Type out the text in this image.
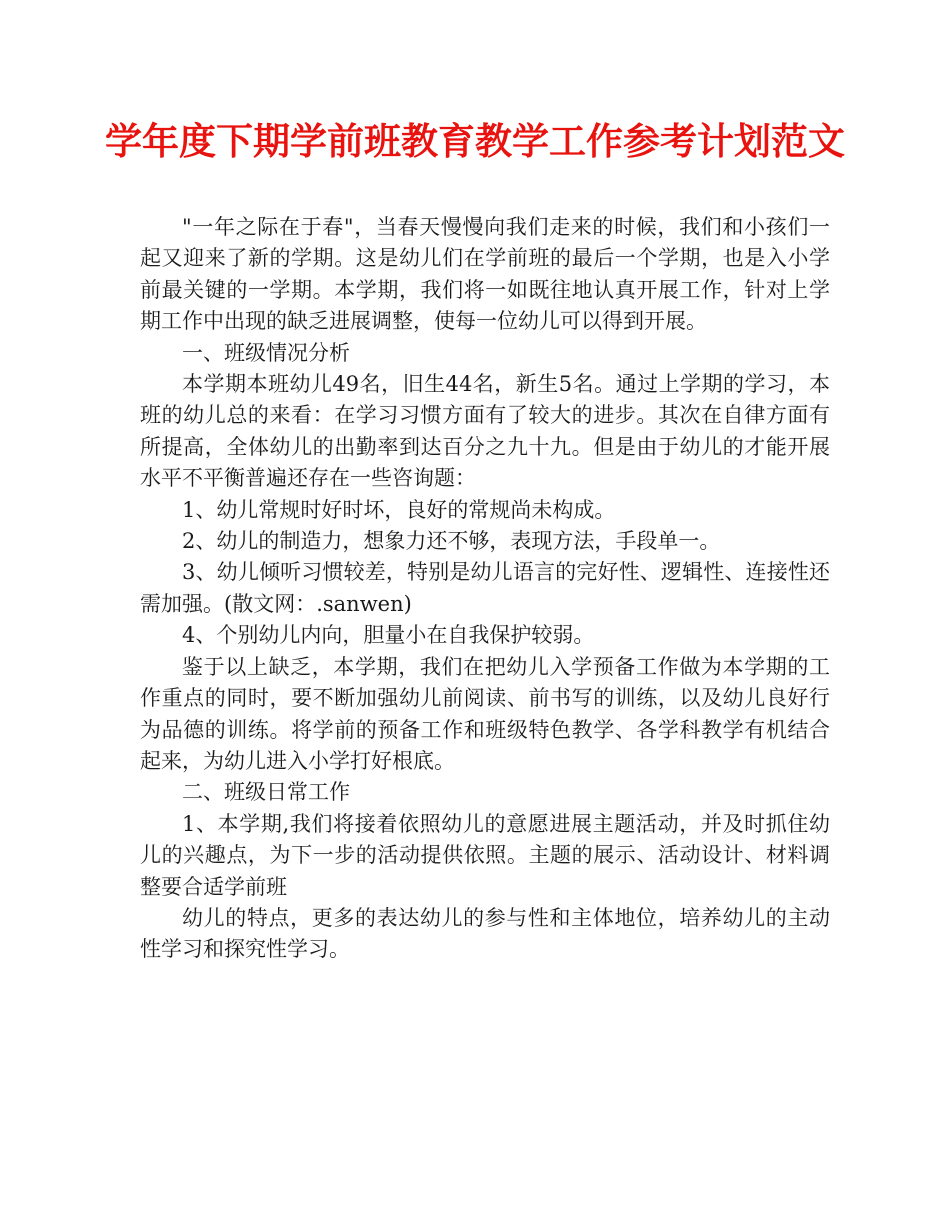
学年度下期学前班教育教学工作参考计划范文

"一年之际在于春"，当春天慢慢向我们走来的时候，我们和小孩们一起又迎来了新的学期。这是幼儿们在学前班的最后一个学期，也是入小学前最关键的一学期。本学期，我们将一如既往地认真开展工作，针对上学期工作中出现的缺乏进展调整，使每一位幼儿可以得到开展。

一、班级情况分析

本学期本班幼儿49名，旧生44名，新生5名。通过上学期的学习，本班的幼儿总的来看：在学习习惯方面有了较大的进步。其次在自律方面有所提高，全体幼儿的出勤率到达百分之九十九。但是由于幼儿的才能开展水平不平衡普遍还存在一些咨询题：

1、幼儿常规时好时坏，良好的常规尚未构成。

2、幼儿的制造力，想象力还不够，表现方法，手段单一。

3、幼儿倾听习惯较差，特别是幼儿语言的完好性、逻辑性、连接性还需加强。(散文网：.sanwen)

4、个别幼儿内向，胆量小在自我保护较弱。

鉴于以上缺乏，本学期，我们在把幼儿入学预备工作做为本学期的工作重点的同时，要不断加强幼儿前阅读、前书写的训练，以及幼儿良好行为品德的训练。将学前的预备工作和班级特色教学、各学科教学有机结合起来，为幼儿进入小学打好根底。

二、班级日常工作

1、本学期,我们将接着依照幼儿的意愿进展主题活动，并及时抓住幼儿的兴趣点，为下一步的活动提供依照。主题的展示、活动设计、材料调整要合适学前班

幼儿的特点，更多的表达幼儿的参与性和主体地位，培养幼儿的主动性学习和探究性学习。
